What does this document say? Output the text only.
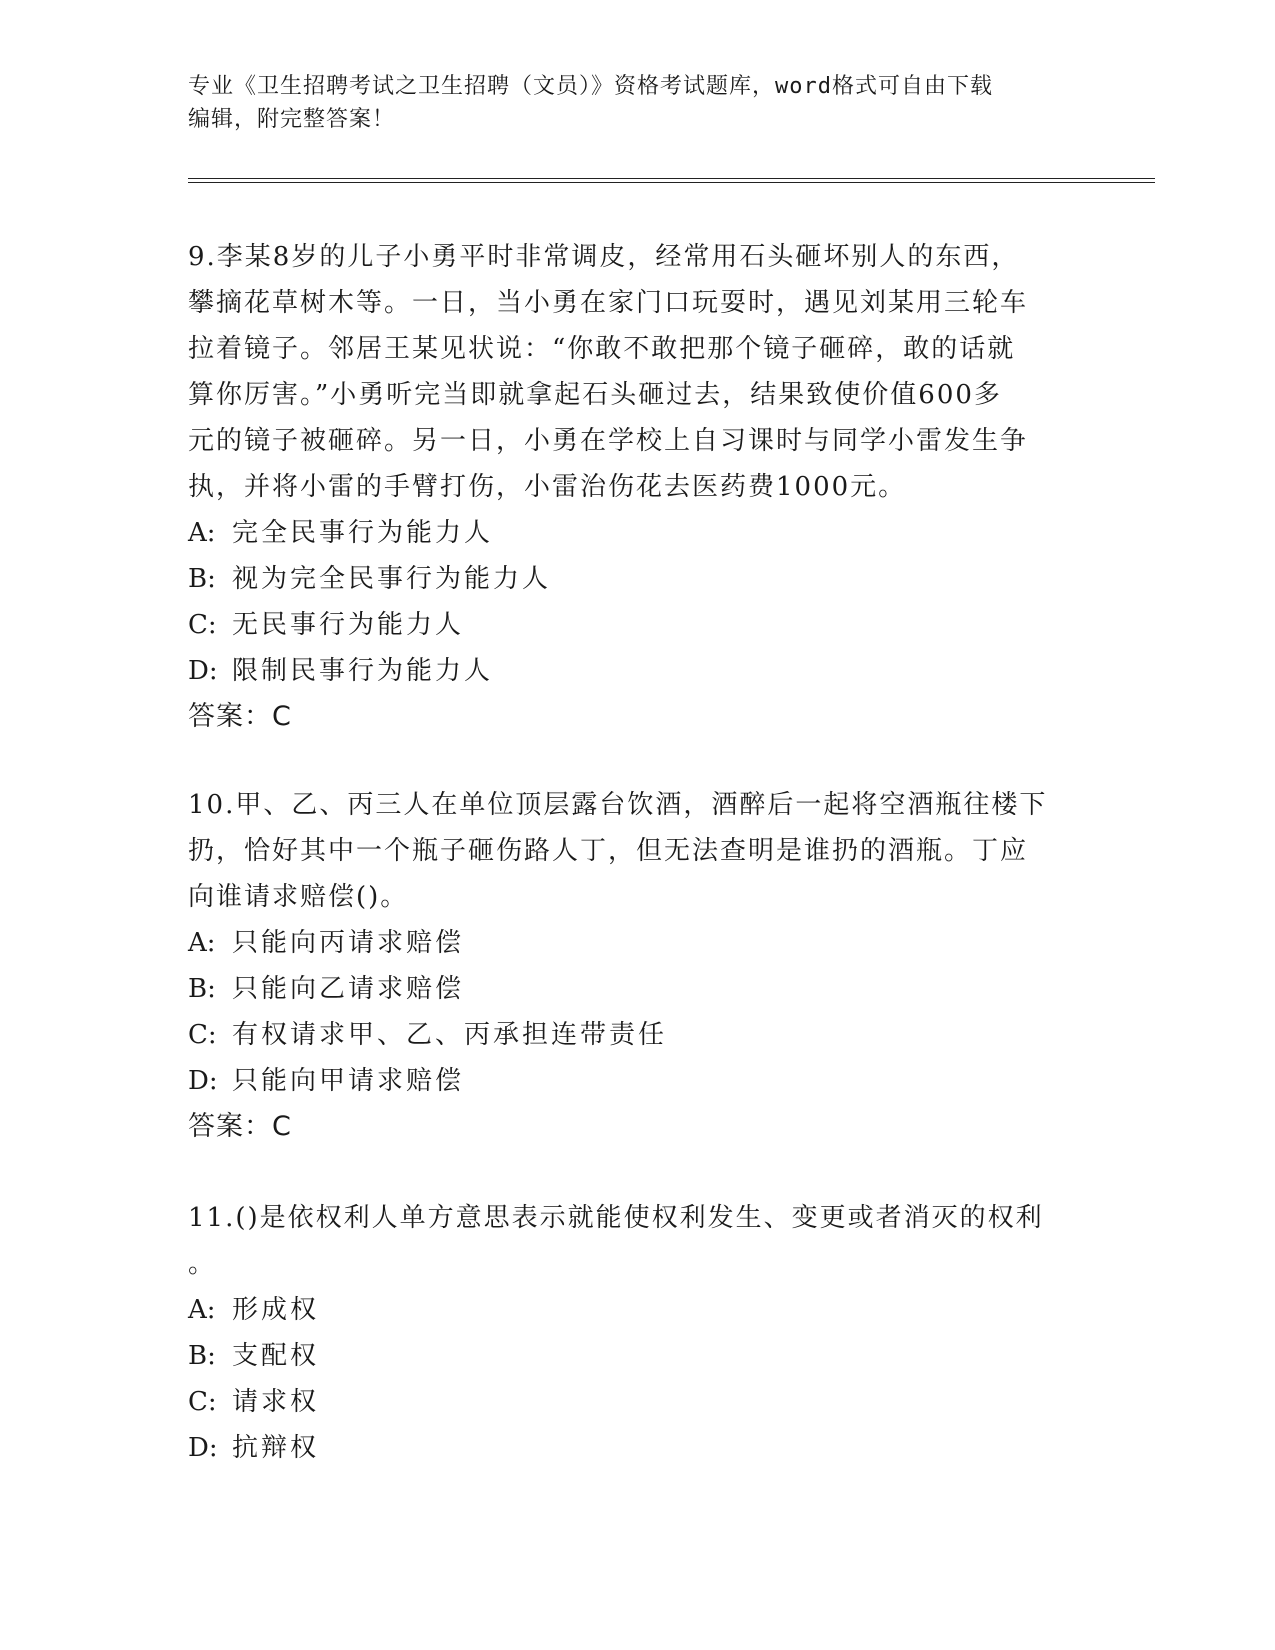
专业《卫生招聘考试之卫生招聘（文员）》资格考试题库，word格式可自由下载
编辑，附完整答案！

9.李某8岁的儿子小勇平时非常调皮，经常用石头砸坏别人的东西，

攀摘花草树木等。一日，当小勇在家门口玩耍时，遇见刘某用三轮车

拉着镜子。邻居王某见状说：“你敢不敢把那个镜子砸碎，敢的话就

算你厉害。”小勇听完当即就拿起石头砸过去，结果致使价值600多

元的镜子被砸碎。另一日，小勇在学校上自习课时与同学小雷发生争

执，并将小雷的手臂打伤，小雷治伤花去医药费1000元。

A: 完全民事行为能力人

B: 视为完全民事行为能力人

C: 无民事行为能力人

D: 限制民事行为能力人

答案：C

10.甲、乙、丙三人在单位顶层露台饮酒，酒醉后一起将空酒瓶往楼下

扔，恰好其中一个瓶子砸伤路人丁，但无法查明是谁扔的酒瓶。丁应

向谁请求赔偿()。

A: 只能向丙请求赔偿

B: 只能向乙请求赔偿

C: 有权请求甲、乙、丙承担连带责任

D: 只能向甲请求赔偿

答案：C

11.()是依权利人单方意思表示就能使权利发生、变更或者消灭的权利

。

A: 形成权

B: 支配权

C: 请求权

D: 抗辩权
